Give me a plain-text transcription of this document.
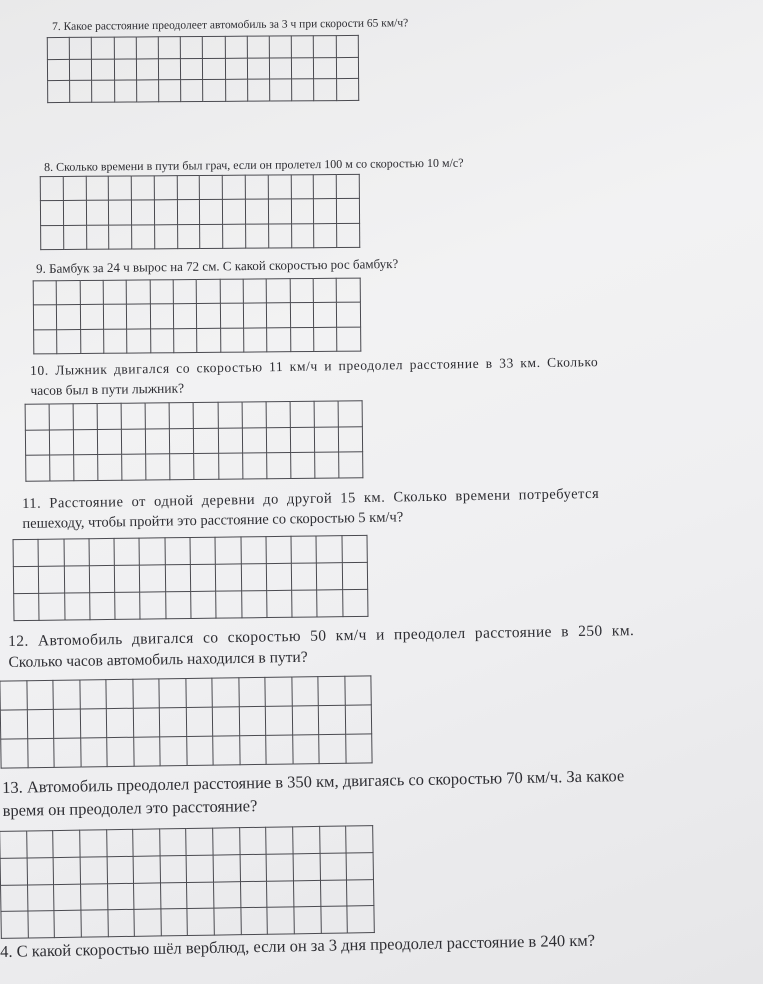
7. Какое расстояние преодолеет автомобиль за 3 ч при скорости 65 км/ч?

8. Сколько времени в пути был грач, если он пролетел 100 м со скоростью 10 м/с?

9. Бамбук за 24 ч вырос на 72 см. С какой скоростью рос бамбук?

10. Лыжник двигался со скоростью 11 км/ч и преодолел расстояние в 33 км. Сколько
часов был в пути лыжник?

11. Расстояние от одной деревни до другой 15 км. Сколько времени потребуется
пешеходу, чтобы пройти это расстояние со скоростью 5 км/ч?

12. Автомобиль двигался со скоростью 50 км/ч и преодолел расстояние в 250 км.
Сколько часов автомобиль находился в пути?

13. Автомобиль преодолел расстояние в 350 км, двигаясь со скоростью 70 км/ч. За какое
время он преодолел это расстояние?

4. С какой скоростью шёл верблюд, если он за 3 дня преодолел расстояние в 240 км?
